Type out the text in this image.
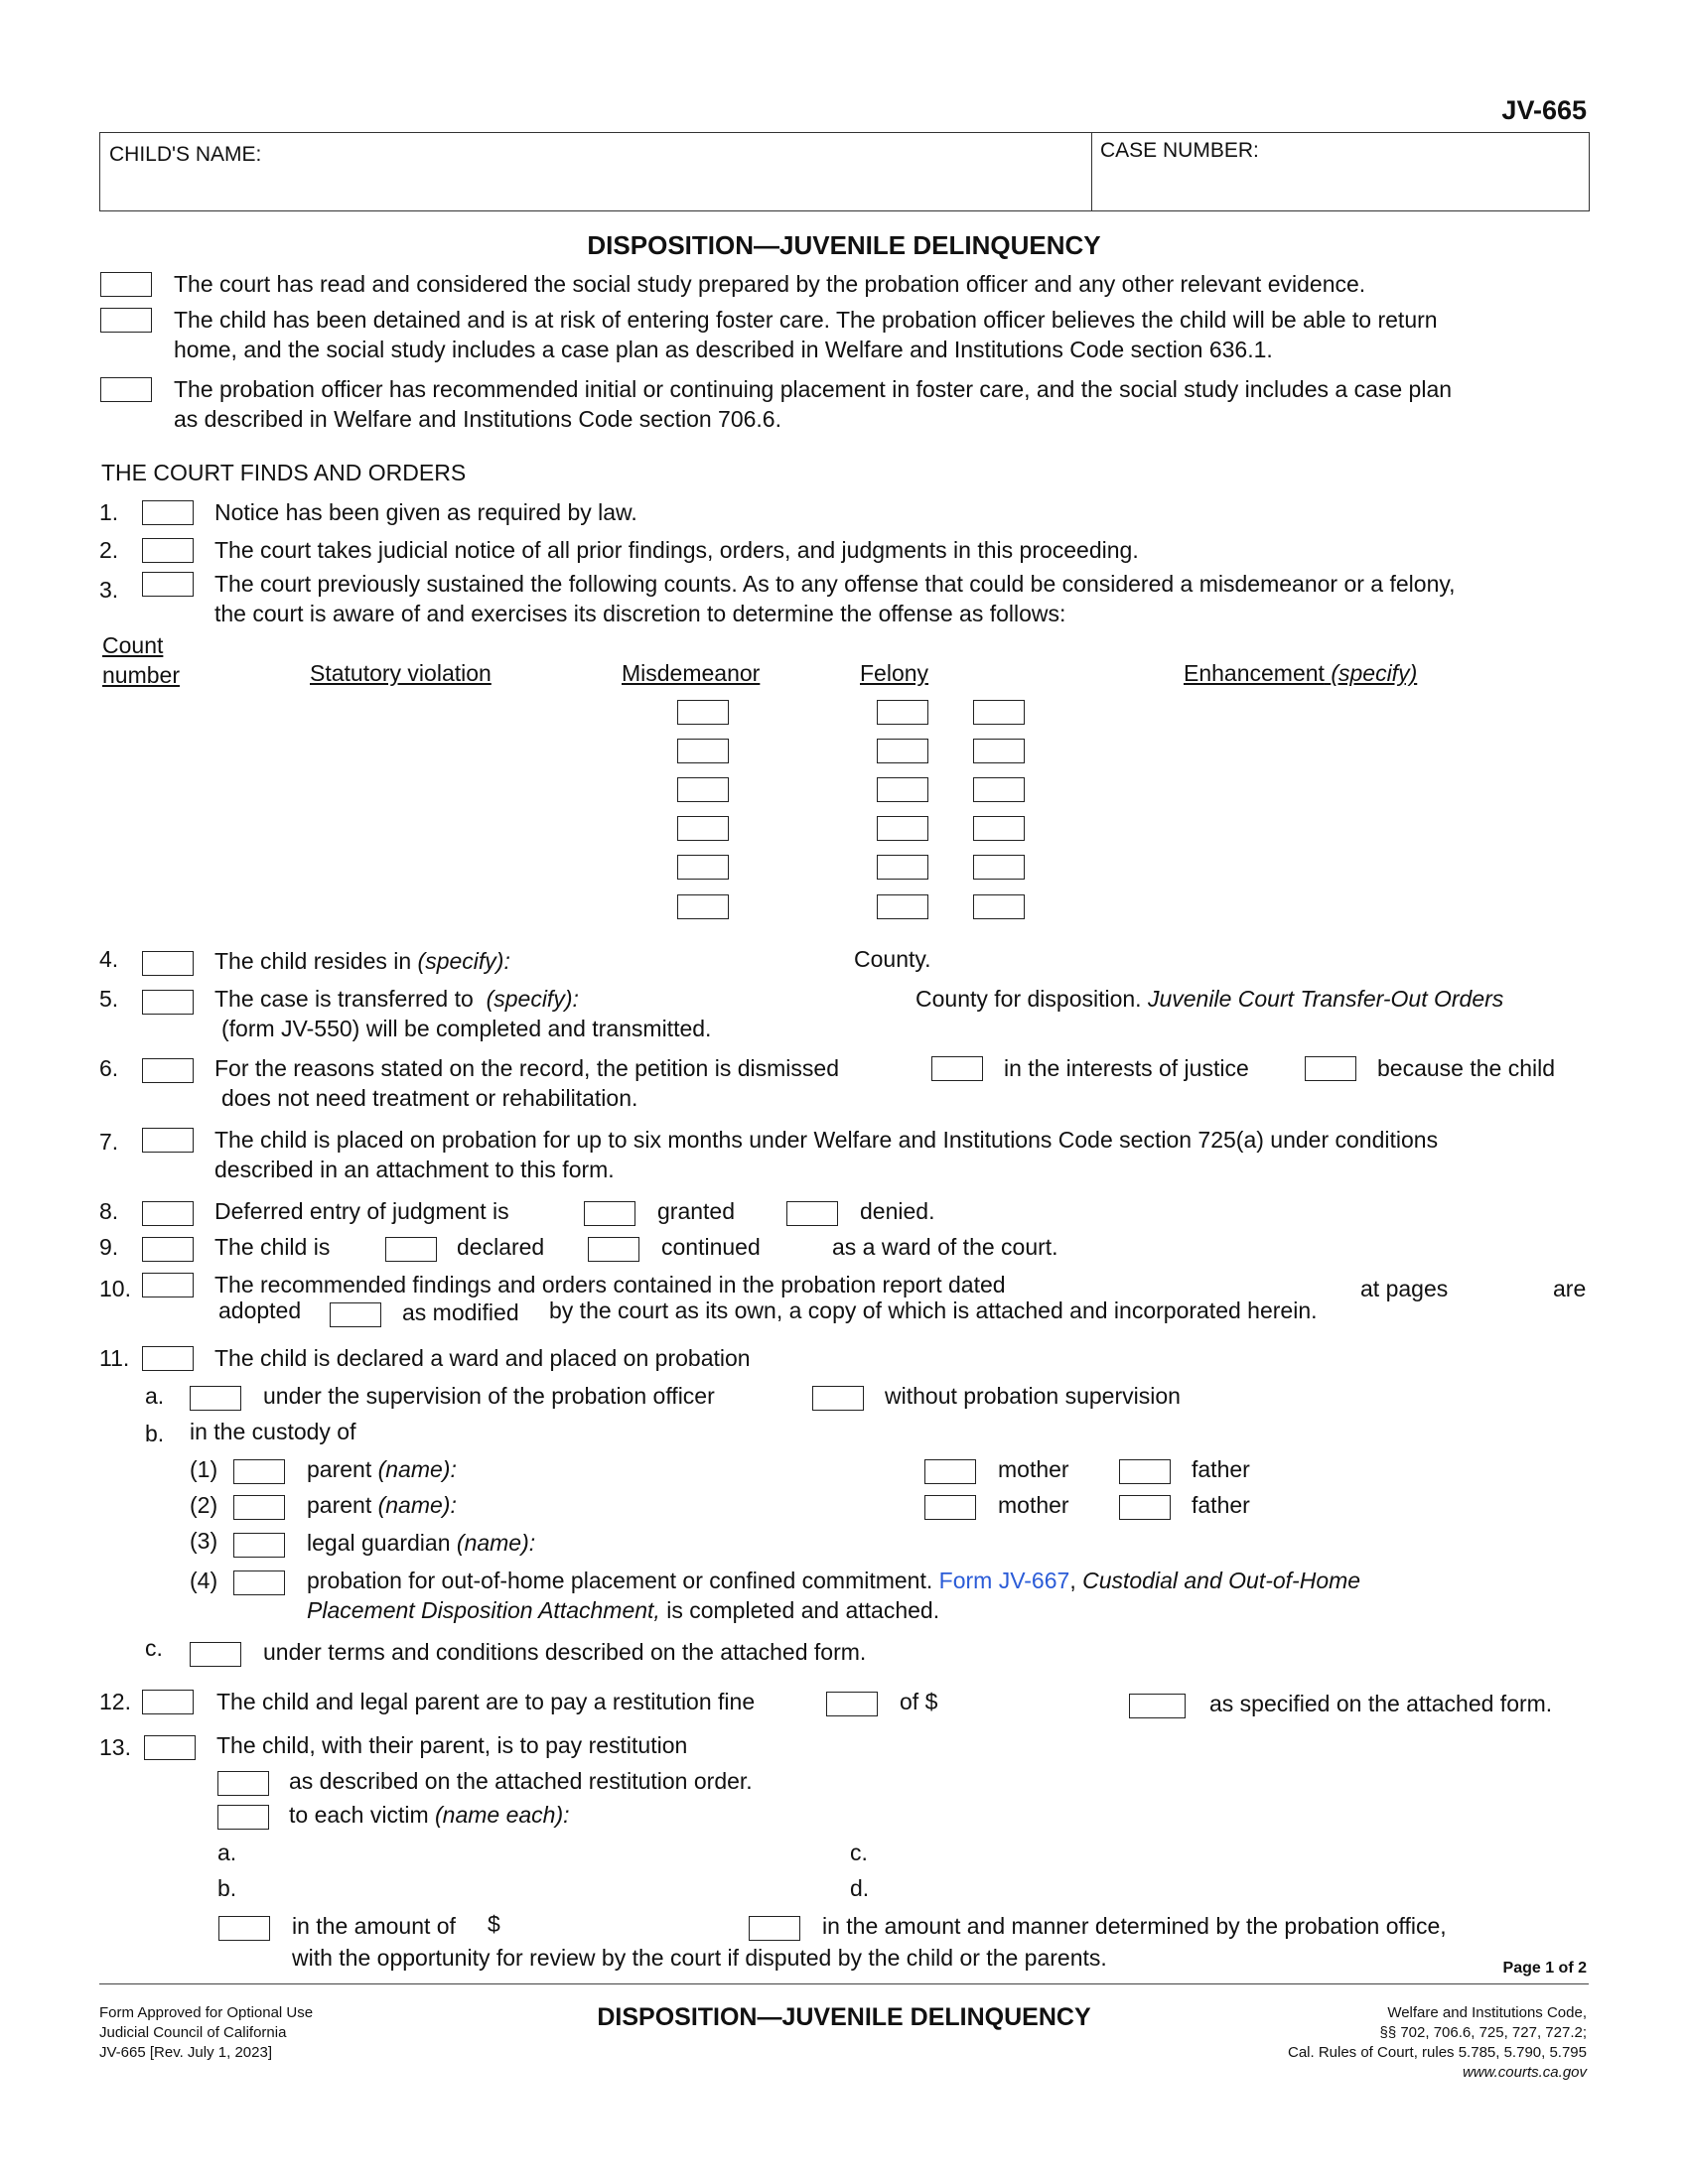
JV-665
CHILD'S NAME:	CASE NUMBER:
DISPOSITION—JUVENILE DELINQUENCY
The court has read and considered the social study prepared by the probation officer and any other relevant evidence.
The child has been detained and is at risk of entering foster care. The probation officer believes the child will be able to return
home, and the social study includes a case plan as described in Welfare and Institutions Code section 636.1.
The probation officer has recommended initial or continuing placement in foster care, and the social study includes a case plan
as described in Welfare and Institutions Code section 706.6.
THE COURT FINDS AND ORDERS
1.	Notice has been given as required by law.
2.	The court takes judicial notice of all prior findings, orders, and judgments in this proceeding.
3.	The court previously sustained the following counts. As to any offense that could be considered a misdemeanor or a felony,
the court is aware of and exercises its discretion to determine the offense as follows:
Count
number	Statutory violation	Misdemeanor	Felony	Enhancement (specify)
4.	The child resides in (specify):	County.
5.	The case is transferred to (specify):	County for disposition. Juvenile Court Transfer-Out Orders
(form JV-550) will be completed and transmitted.
6.	For the reasons stated on the record, the petition is dismissed	in the interests of justice	because the child
does not need treatment or rehabilitation.
7.	The child is placed on probation for up to six months under Welfare and Institutions Code section 725(a) under conditions
described in an attachment to this form.
8.	Deferred entry of judgment is	granted	denied.
9.	The child is	declared	continued	as a ward of the court.
10.	The recommended findings and orders contained in the probation report dated	at pages	are
adopted	as modified by the court as its own, a copy of which is attached and incorporated herein.
11.	The child is declared a ward and placed on probation
a.	under the supervision of the probation officer	without probation supervision
b. in the custody of
(1)	parent (name):	mother	father
(2)	parent (name):	mother	father
(3)	legal guardian (name):
(4)	probation for out-of-home placement or confined commitment. Form JV-667, Custodial and Out-of-Home
Placement Disposition Attachment, is completed and attached.
c.	under terms and conditions described on the attached form.
12.	The child and legal parent are to pay a restitution fine	of $	as specified on the attached form.
13.	The child, with their parent, is to pay restitution
as described on the attached restitution order.
to each victim (name each):
a.	c.
b.	d.
in the amount of $	in the amount and manner determined by the probation office,
with the opportunity for review by the court if disputed by the child or the parents.	Page 1 of 2
Form Approved for Optional Use
Judicial Council of California
JV-665 [Rev. July 1, 2023]
DISPOSITION—JUVENILE DELINQUENCY	Welfare and Institutions Code,
§§ 702, 706.6, 725, 727, 727.2;
Cal. Rules of Court, rules 5.785, 5.790, 5.795
www.courts.ca.gov
